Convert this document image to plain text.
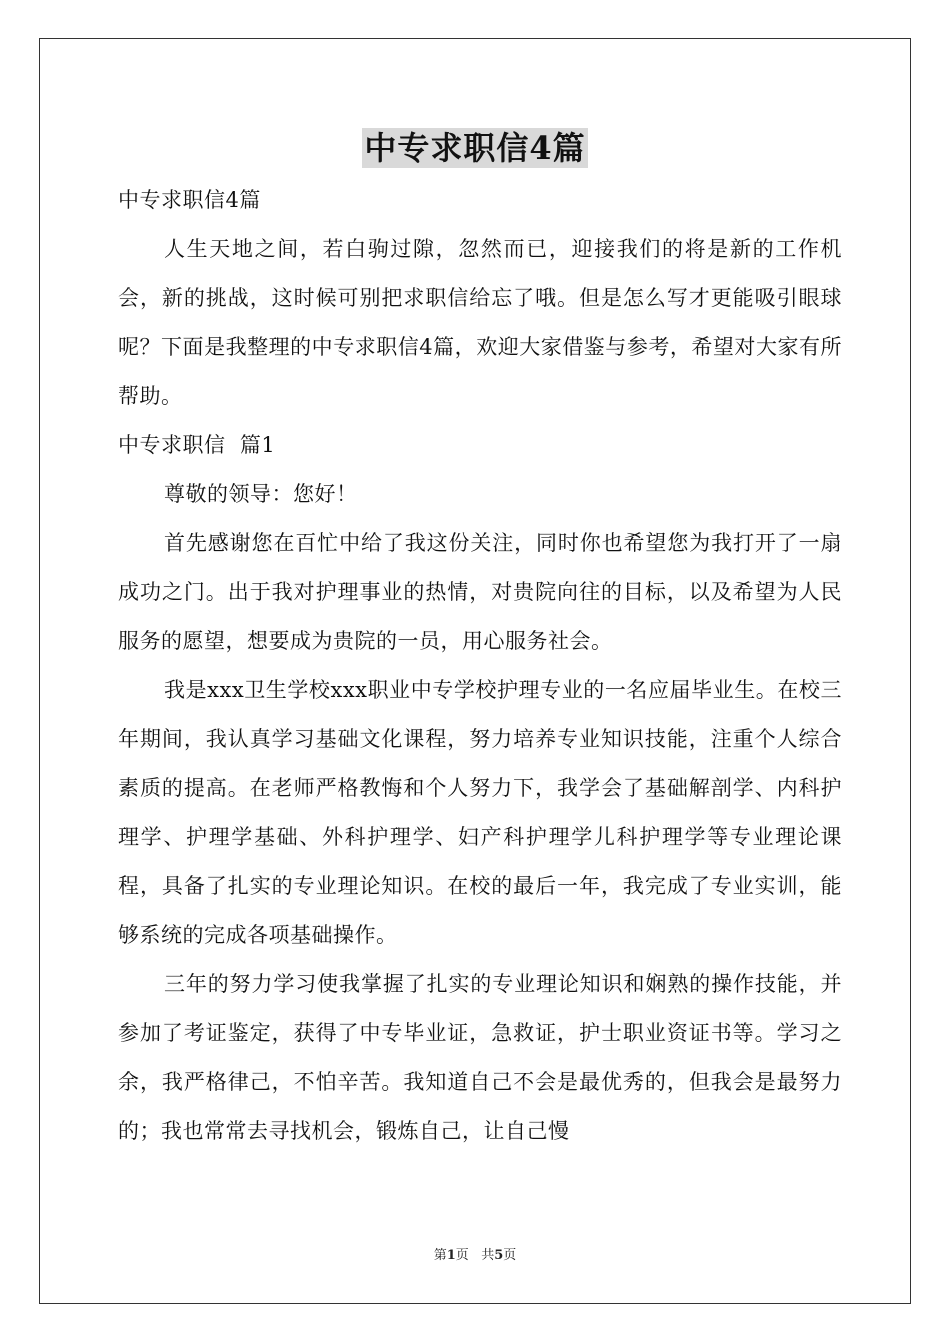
中专求职信4篇

中专求职信4篇

人生天地之间，若白驹过隙，忽然而已，迎接我们的将是新的工作机会，新的挑战，这时候可别把求职信给忘了哦。但是怎么写才更能吸引眼球呢？下面是我整理的中专求职信4篇，欢迎大家借鉴与参考，希望对大家有所帮助。

中专求职信  篇1

尊敬的领导：您好！

首先感谢您在百忙中给了我这份关注，同时你也希望您为我打开了一扇成功之门。出于我对护理事业的热情，对贵院向往的目标，以及希望为人民服务的愿望，想要成为贵院的一员，用心服务社会。

我是xxx卫生学校xxx职业中专学校护理专业的一名应届毕业生。在校三年期间，我认真学习基础文化课程，努力培养专业知识技能，注重个人综合素质的提高。在老师严格教悔和个人努力下，我学会了基础解剖学、内科护理学、护理学基础、外科护理学、妇产科护理学儿科护理学等专业理论课程，具备了扎实的专业理论知识。在校的最后一年，我完成了专业实训，能够系统的完成各项基础操作。

三年的努力学习使我掌握了扎实的专业理论知识和娴熟的操作技能，并参加了考证鉴定，获得了中专毕业证，急救证，护士职业资证书等。学习之余，我严格律己，不怕辛苦。我知道自己不会是最优秀的，但我会是最努力的；我也常常去寻找机会，锻炼自己，让自己慢

第1页   共5页
